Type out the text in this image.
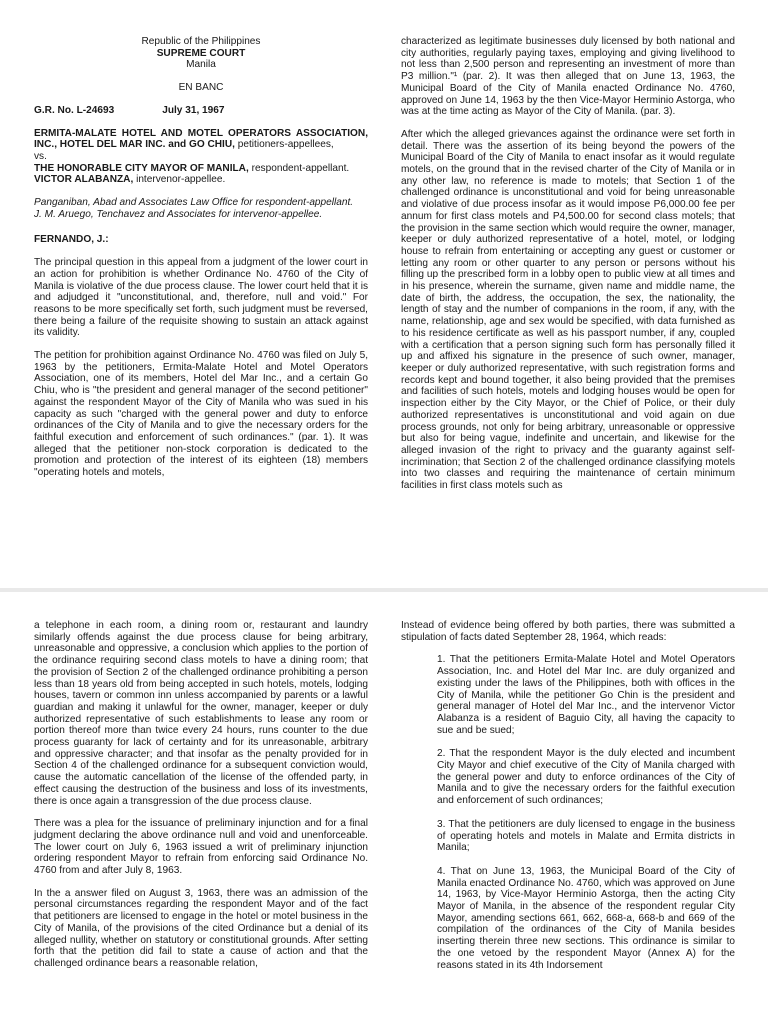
Republic of the Philippines

SUPREME COURT

Manila

EN BANC

G.R. No. L-24693	July 31, 1967

ERMITA-MALATE HOTEL AND MOTEL OPERATORS ASSOCIATION, INC., HOTEL DEL MAR INC. and GO CHIU, petitioners-appellees,

vs.

THE HONORABLE CITY MAYOR OF MANILA, respondent-appellant.

VICTOR ALABANZA, intervenor-appellee.

Panganiban, Abad and Associates Law Office for respondent-appellant.

J. M. Aruego, Tenchavez and Associates for intervenor-appellee.

FERNANDO, J.:

The principal question in this appeal from a judgment of the lower court in an action for prohibition is whether Ordinance No. 4760 of the City of Manila is violative of the due process clause. The lower court held that it is and adjudged it "unconstitutional, and, therefore, null and void." For reasons to be more specifically set forth, such judgment must be reversed, there being a failure of the requisite showing to sustain an attack against its validity.

The petition for prohibition against Ordinance No. 4760 was filed on July 5, 1963 by the petitioners, Ermita-Malate Hotel and Motel Operators Association, one of its members, Hotel del Mar Inc., and a certain Go Chiu, who is "the president and general manager of the second petitioner" against the respondent Mayor of the City of Manila who was sued in his capacity as such "charged with the general power and duty to enforce ordinances of the City of Manila and to give the necessary orders for the faithful execution and enforcement of such ordinances." (par. 1). It was alleged that the petitioner non-stock corporation is dedicated to the promotion and protection of the interest of its eighteen (18) members "operating hotels and motels,

characterized as legitimate businesses duly licensed by both national and city authorities, regularly paying taxes, employing and giving livelihood to not less than 2,500 person and representing an investment of more than P3 million."¹ (par. 2). It was then alleged that on June 13, 1963, the Municipal Board of the City of Manila enacted Ordinance No. 4760, approved on June 14, 1963 by the then Vice-Mayor Herminio Astorga, who was at the time acting as Mayor of the City of Manila. (par. 3).

After which the alleged grievances against the ordinance were set forth in detail. There was the assertion of its being beyond the powers of the Municipal Board of the City of Manila to enact insofar as it would regulate motels, on the ground that in the revised charter of the City of Manila or in any other law, no reference is made to motels; that Section 1 of the challenged ordinance is unconstitutional and void for being unreasonable and violative of due process insofar as it would impose P6,000.00 fee per annum for first class motels and P4,500.00 for second class motels; that the provision in the same section which would require the owner, manager, keeper or duly authorized representative of a hotel, motel, or lodging house to refrain from entertaining or accepting any guest or customer or letting any room or other quarter to any person or persons without his filling up the prescribed form in a lobby open to public view at all times and in his presence, wherein the surname, given name and middle name, the date of birth, the address, the occupation, the sex, the nationality, the length of stay and the number of companions in the room, if any, with the name, relationship, age and sex would be specified, with data furnished as to his residence certificate as well as his passport number, if any, coupled with a certification that a person signing such form has personally filled it up and affixed his signature in the presence of such owner, manager, keeper or duly authorized representative, with such registration forms and records kept and bound together, it also being provided that the premises and facilities of such hotels, motels and lodging houses would be open for inspection either by the City Mayor, or the Chief of Police, or their duly authorized representatives is unconstitutional and void again on due process grounds, not only for being arbitrary, unreasonable or oppressive but also for being vague, indefinite and uncertain, and likewise for the alleged invasion of the right to privacy and the guaranty against self-incrimination; that Section 2 of the challenged ordinance classifying motels into two classes and requiring the maintenance of certain minimum facilities in first class motels such as

a telephone in each room, a dining room or, restaurant and laundry similarly offends against the due process clause for being arbitrary, unreasonable and oppressive, a conclusion which applies to the portion of the ordinance requiring second class motels to have a dining room; that the provision of Section 2 of the challenged ordinance prohibiting a person less than 18 years old from being accepted in such hotels, motels, lodging houses, tavern or common inn unless accompanied by parents or a lawful guardian and making it unlawful for the owner, manager, keeper or duly authorized representative of such establishments to lease any room or portion thereof more than twice every 24 hours, runs counter to the due process guaranty for lack of certainty and for its unreasonable, arbitrary and oppressive character; and that insofar as the penalty provided for in Section 4 of the challenged ordinance for a subsequent conviction would, cause the automatic cancellation of the license of the offended party, in effect causing the destruction of the business and loss of its investments, there is once again a transgression of the due process clause.

There was a plea for the issuance of preliminary injunction and for a final judgment declaring the above ordinance null and void and unenforceable. The lower court on July 6, 1963 issued a writ of preliminary injunction ordering respondent Mayor to refrain from enforcing said Ordinance No. 4760 from and after July 8, 1963.

In the a answer filed on August 3, 1963, there was an admission of the personal circumstances regarding the respondent Mayor and of the fact that petitioners are licensed to engage in the hotel or motel business in the City of Manila, of the provisions of the cited Ordinance but a denial of its alleged nullity, whether on statutory or constitutional grounds. After setting forth that the petition did fail to state a cause of action and that the challenged ordinance bears a reasonable relation,

Instead of evidence being offered by both parties, there was submitted a stipulation of facts dated September 28, 1964, which reads:

1. That the petitioners Ermita-Malate Hotel and Motel Operators Association, Inc. and Hotel del Mar Inc. are duly organized and existing under the laws of the Philippines, both with offices in the City of Manila, while the petitioner Go Chin is the president and general manager of Hotel del Mar Inc., and the intervenor Victor Alabanza is a resident of Baguio City, all having the capacity to sue and be sued;

2. That the respondent Mayor is the duly elected and incumbent City Mayor and chief executive of the City of Manila charged with the general power and duty to enforce ordinances of the City of Manila and to give the necessary orders for the faithful execution and enforcement of such ordinances;

3. That the petitioners are duly licensed to engage in the business of operating hotels and motels in Malate and Ermita districts in Manila;

4. That on June 13, 1963, the Municipal Board of the City of Manila enacted Ordinance No. 4760, which was approved on June 14, 1963, by Vice-Mayor Herminio Astorga, then the acting City Mayor of Manila, in the absence of the respondent regular City Mayor, amending sections 661, 662, 668-a, 668-b and 669 of the compilation of the ordinances of the City of Manila besides inserting therein three new sections. This ordinance is similar to the one vetoed by the respondent Mayor (Annex A) for the reasons stated in its 4th Indorsement
